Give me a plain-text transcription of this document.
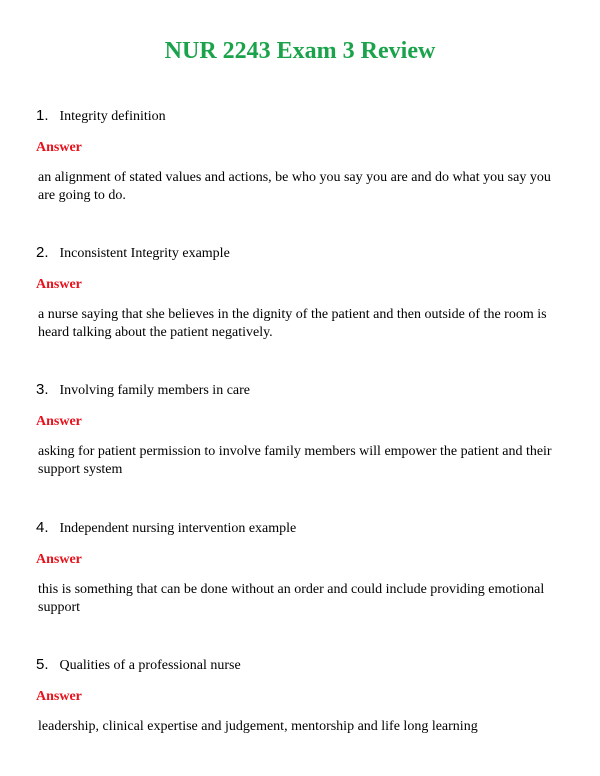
NUR 2243 Exam 3 Review
1. Integrity definition
Answer
an alignment of stated values and actions, be who you say you are and do what you say you are going to do.
2. Inconsistent Integrity example
Answer
a nurse saying that she believes in the dignity of the patient and then outside of the room is heard talking about the patient negatively.
3. Involving family members in care
Answer
asking for patient permission to involve family members will empower the patient and their support system
4. Independent nursing intervention example
Answer
this is something that can be done without an order and could include providing emotional support
5. Qualities of a professional nurse
Answer
leadership, clinical expertise and judgement, mentorship and life long learning
